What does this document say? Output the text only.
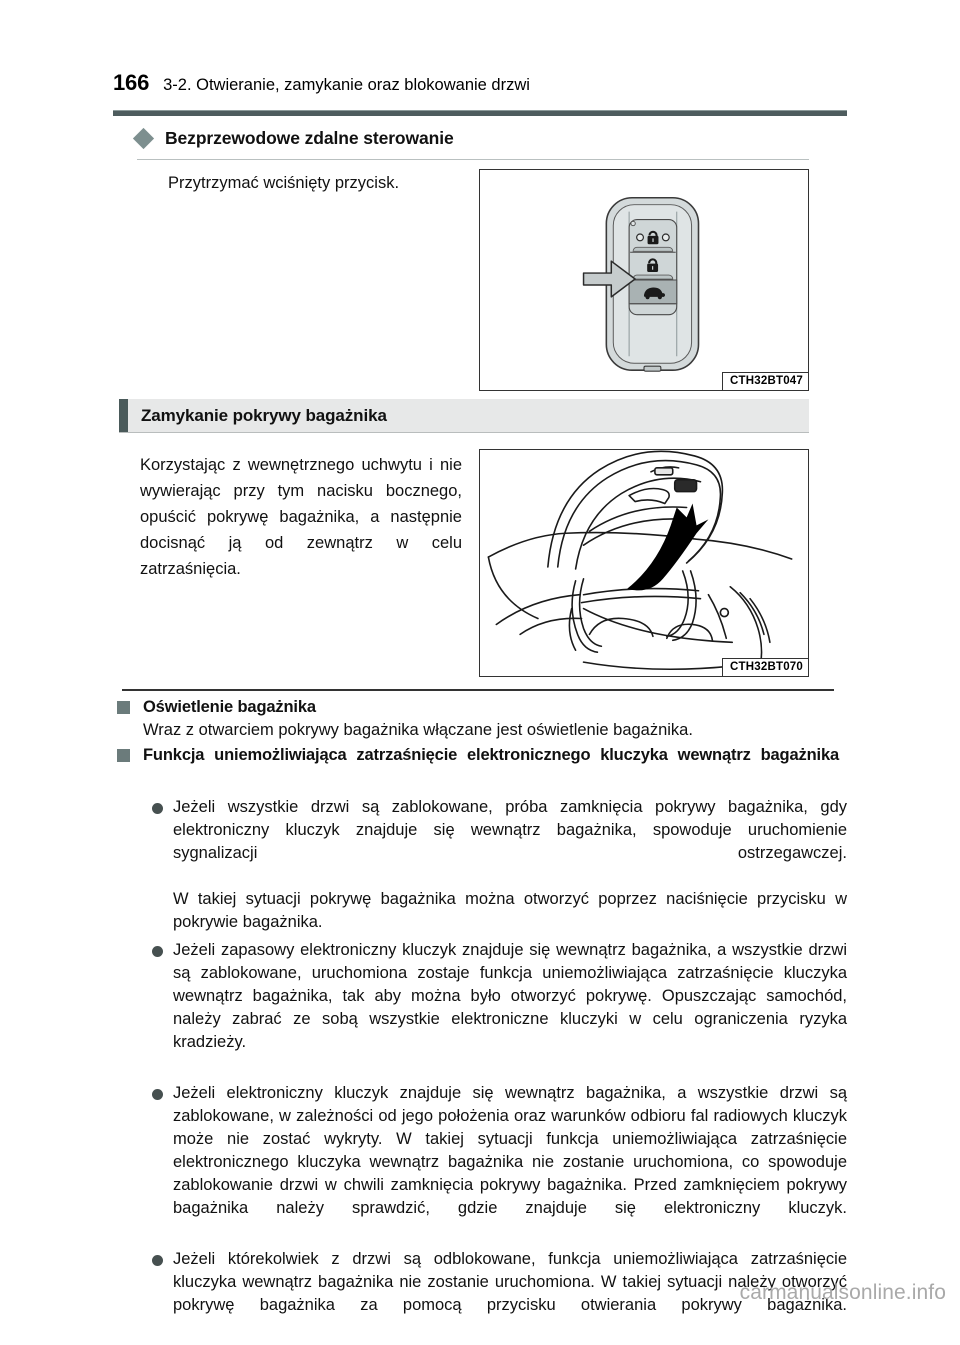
166 3-2. Otwieranie, zamykanie oraz blokowanie drzwi
Bezprzewodowe zdalne sterowanie
Przytrzymać wciśnięty przycisk.
CTH32BT047
Zamykanie pokrywy bagażnika
Korzystając z wewnętrznego uchwytu i nie wywierając przy tym nacisku bocznego, opuścić pokrywę bagażnika, a następnie docisnąć ją od zewnątrz w celu zatrzaśnięcia.
CTH32BT070
Oświetlenie bagażnika
Wraz z otwarciem pokrywy bagażnika włączane jest oświetlenie bagażnika.
Funkcja uniemożliwiająca zatrzaśnięcie elektronicznego kluczyka wewnątrz bagażnika
Jeżeli wszystkie drzwi są zablokowane, próba zamknięcia pokrywy bagażnika, gdy elektroniczny kluczyk znajduje się wewnątrz bagażnika, spowoduje uruchomienie sygnalizacji ostrzegawczej.
W takiej sytuacji pokrywę bagażnika można otworzyć poprzez naciśnięcie przycisku w pokrywie bagażnika.
Jeżeli zapasowy elektroniczny kluczyk znajduje się wewnątrz bagażnika, a wszystkie drzwi są zablokowane, uruchomiona zostaje funkcja uniemożliwiająca zatrzaśnięcie kluczyka wewnątrz bagażnika, tak aby można było otworzyć pokrywę. Opuszczając samochód, należy zabrać ze sobą wszystkie elektroniczne kluczyki w celu ograniczenia ryzyka kradzieży.
Jeżeli elektroniczny kluczyk znajduje się wewnątrz bagażnika, a wszystkie drzwi są zablokowane, w zależności od jego położenia oraz warunków odbioru fal radiowych kluczyk może nie zostać wykryty. W takiej sytuacji funkcja uniemożliwiająca zatrzaśnięcie elektronicznego kluczyka wewnątrz bagażnika nie zostanie uruchomiona, co spowoduje zablokowanie drzwi w chwili zamknięcia pokrywy bagażnika. Przed zamknięciem pokrywy bagażnika należy sprawdzić, gdzie znajduje się elektroniczny kluczyk.
Jeżeli którekolwiek z drzwi są odblokowane, funkcja uniemożliwiająca zatrzaśnięcie kluczyka wewnątrz bagażnika nie zostanie uruchomiona. W takiej sytuacji należy otworzyć pokrywę bagażnika za pomocą przycisku otwierania pokrywy bagażnika.
carmanualsonline.info
